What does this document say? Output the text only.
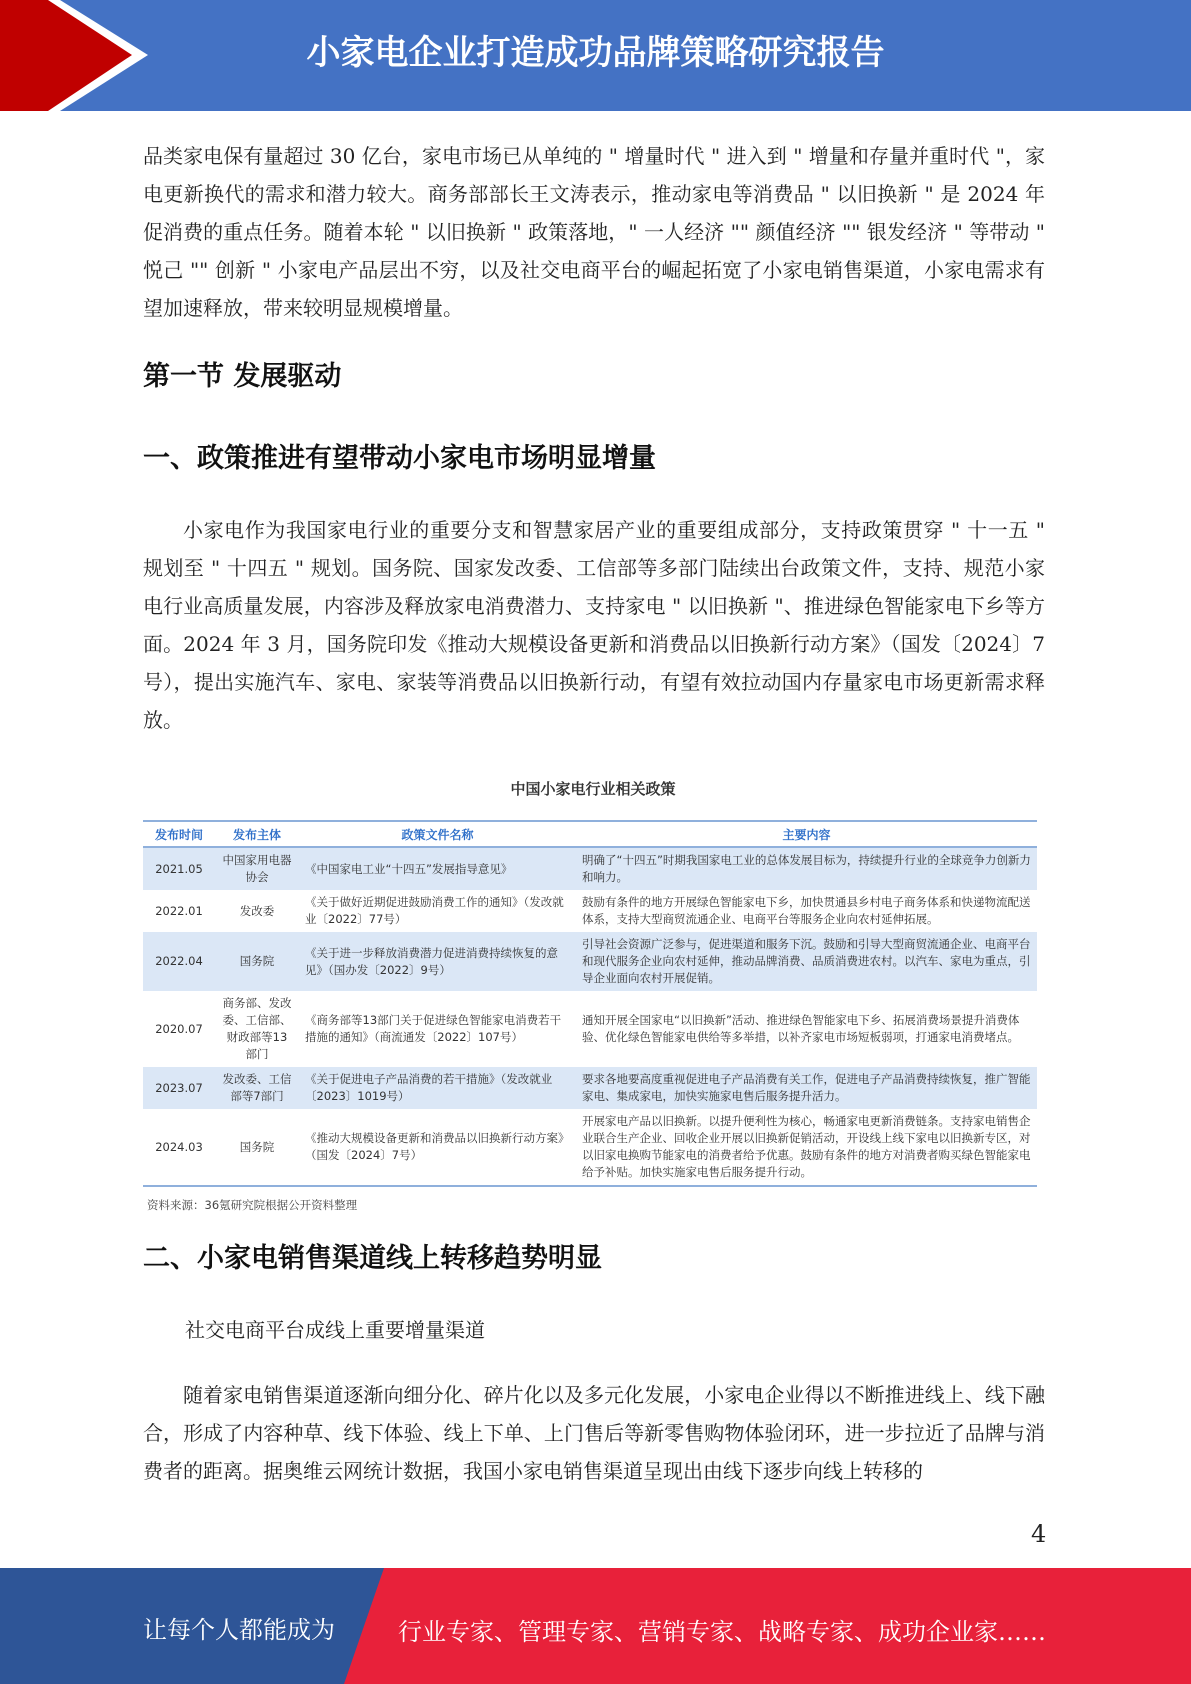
小家电企业打造成功品牌策略研究报告

品类家电保有量超过 30 亿台，家电市场已从单纯的 " 增量时代 " 进入到 " 增量和存量并重时代 "，家电更新换代的需求和潜力较大。商务部部长王文涛表示，推动家电等消费品 " 以旧换新 " 是 2024 年促消费的重点任务。随着本轮 " 以旧换新 " 政策落地，" 一人经济 "" 颜值经济 "" 银发经济 " 等带动 " 悦己 "" 创新 " 小家电产品层出不穷，以及社交电商平台的崛起拓宽了小家电销售渠道，小家电需求有望加速释放，带来较明显规模增量。

第一节 发展驱动
一、政策推进有望带动小家电市场明显增量

小家电作为我国家电行业的重要分支和智慧家居产业的重要组成部分，支持政策贯穿 " 十一五 " 规划至 " 十四五 " 规划。国务院、国家发改委、工信部等多部门陆续出台政策文件，支持、规范小家电行业高质量发展，内容涉及释放家电消费潜力、支持家电 " 以旧换新 "、推进绿色智能家电下乡等方面。2024 年 3 月，国务院印发《推动大规模设备更新和消费品以旧换新行动方案》（国发〔2024〕7 号），提出实施汽车、家电、家装等消费品以旧换新行动，有望有效拉动国内存量家电市场更新需求释放。

中国小家电行业相关政策
发布时间	发布主体	政策文件名称	主要内容
2021.05	中国家用电器协会	《中国家电工业“十四五”发展指导意见》	明确了“十四五”时期我国家电工业的总体发展目标为，持续提升行业的全球竞争力创新力和响力。
2022.01	发改委	《关于做好近期促进鼓励消费工作的通知》（发改就业〔2022〕77号）	鼓励有条件的地方开展绿色智能家电下乡，加快贯通县乡村电子商务体系和快递物流配送体系，支持大型商贸流通企业、电商平台等服务企业向农村延伸拓展。
2022.04	国务院	《关于进一步释放消费潜力促进消费持续恢复的意见》（国办发〔2022〕9号）	引导社会资源广泛参与，促进渠道和服务下沉。鼓励和引导大型商贸流通企业、电商平台和现代服务企业向农村延伸，推动品牌消费、品质消费进农村。以汽车、家电为重点，引导企业面向农村开展促销。
2020.07	商务部、发改委、工信部、财政部等13部门	《商务部等13部门关于促进绿色智能家电消费若干措施的通知》（商流通发〔2022〕107号）	通知开展全国家电“以旧换新”活动、推进绿色智能家电下乡、拓展消费场景提升消费体验、优化绿色智能家电供给等多举措，以补齐家电市场短板弱项，打通家电消费堵点。
2023.07	发改委、工信部等7部门	《关于促进电子产品消费的若干措施》（发改就业〔2023〕1019号）	要求各地要高度重视促进电子产品消费有关工作，促进电子产品消费持续恢复，推广智能家电、集成家电，加快实施家电售后服务提升活力。
2024.03	国务院	《推动大规模设备更新和消费品以旧换新行动方案》（国发〔2024〕7号）	开展家电产品以旧换新。以提升便利性为核心，畅通家电更新消费链条。支持家电销售企业联合生产企业、回收企业开展以旧换新促销活动，开设线上线下家电以旧换新专区，对以旧家电换购节能家电的消费者给予优惠。鼓励有条件的地方对消费者购买绿色智能家电给予补贴。加快实施家电售后服务提升行动。
资料来源：36氪研究院根据公开资料整理
二、小家电销售渠道线上转移趋势明显

社交电商平台成线上重要增量渠道

随着家电销售渠道逐渐向细分化、碎片化以及多元化发展，小家电企业得以不断推进线上、线下融合，形成了内容种草、线下体验、线上下单、上门售后等新零售购物体验闭环，进一步拉近了品牌与消费者的距离。据奥维云网统计数据，我国小家电销售渠道呈现出由线下逐步向线上转移的

4
让每个人都能成为	行业专家、管理专家、营销专家、战略专家、成功企业家……
